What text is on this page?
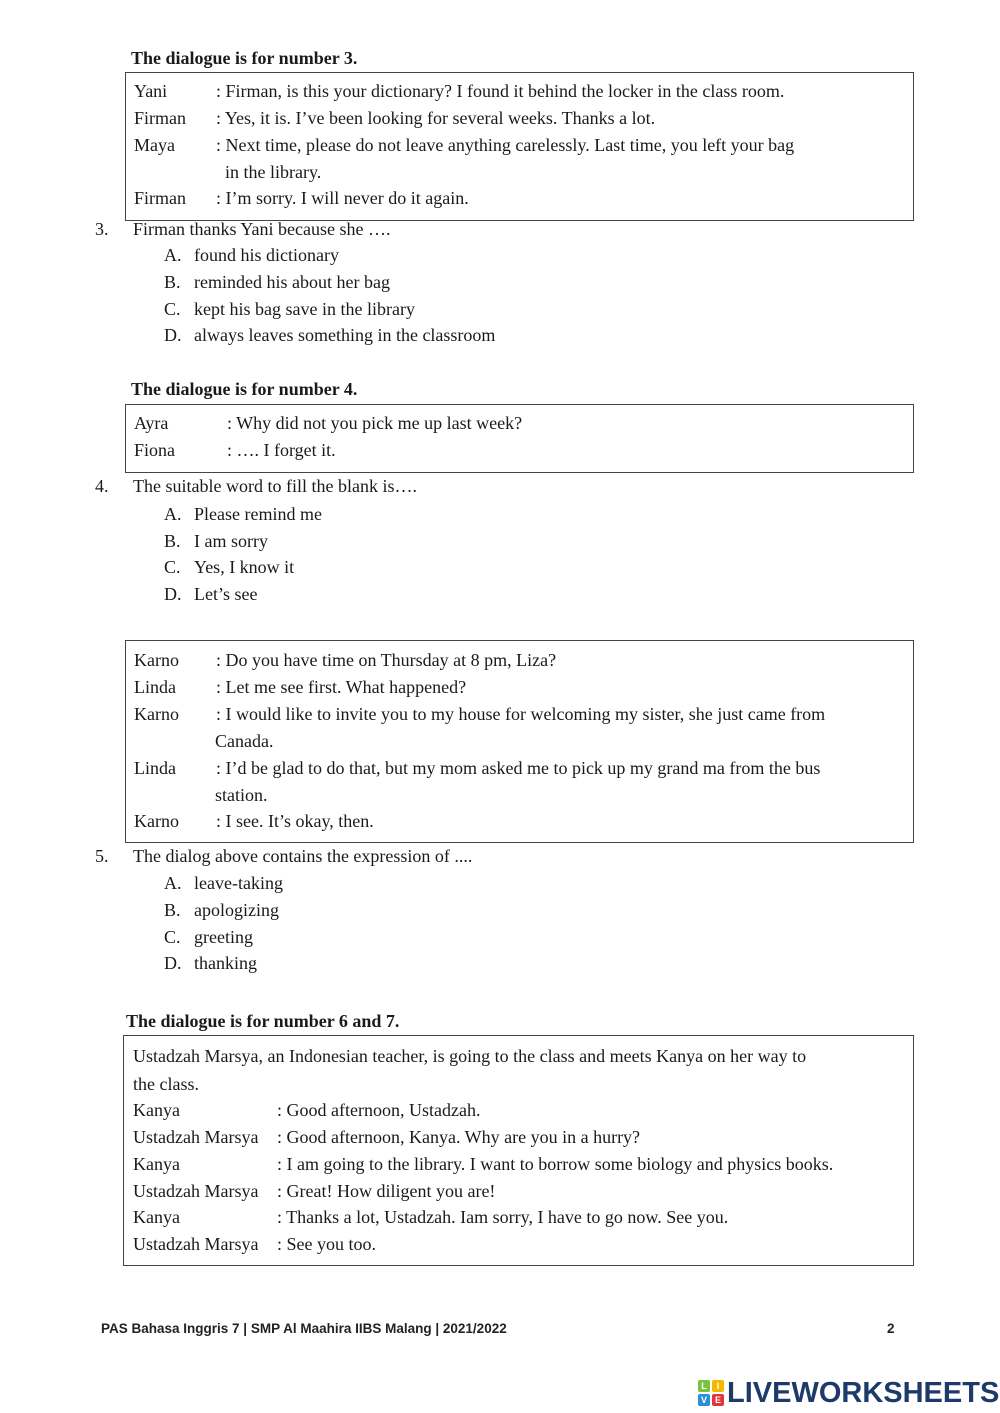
The dialogue is for number 3.
Yani	: Firman, is this your dictionary? I found it behind the locker in the class room.
Firman : Yes, it is. I’ve been looking for several weeks. Thanks a lot.
Maya : Next time, please do not leave anything carelessly. Last time, you left your bag
in the library.
Firman : I’m sorry. I will never do it again.
3. Firman thanks Yani because she ….
A. found his dictionary
B. reminded his about her bag
C. kept his bag save in the library
D. always leaves something in the classroom
The dialogue is for number 4.
Ayra	: Why did not you pick me up last week?
Fiona	: …. I forget it.
4. The suitable word to fill the blank is….
A. Please remind me
B. I am sorry
C. Yes, I know it
D. Let’s see
Karno : Do you have time on Thursday at 8 pm, Liza?
Linda : Let me see first. What happened?
Karno : I would like to invite you to my house for welcoming my sister, she just came from
Canada.
Linda : I’d be glad to do that, but my mom asked me to pick up my grand ma from the bus
station.
Karno : I see. It’s okay, then.
5. The dialog above contains the expression of ....
A. leave-taking
B. apologizing
C. greeting
D. thanking
The dialogue is for number 6 and 7.
Ustadzah Marsya, an Indonesian teacher, is going to the class and meets Kanya on her way to
the class.
Kanya	: Good afternoon, Ustadzah.
Ustadzah Marsya : Good afternoon, Kanya. Why are you in a hurry?
Kanya	: I am going to the library. I want to borrow some biology and physics books.
Ustadzah Marsya : Great! How diligent you are!
Kanya	: Thanks a lot, Ustadzah. Iam sorry, I have to go now. See you.
Ustadzah Marsya : See you too.
PAS Bahasa Inggris 7 | SMP Al Maahira IIBS Malang | 2021/2022	2
L	I
V E LIVEWORKSHEETS
